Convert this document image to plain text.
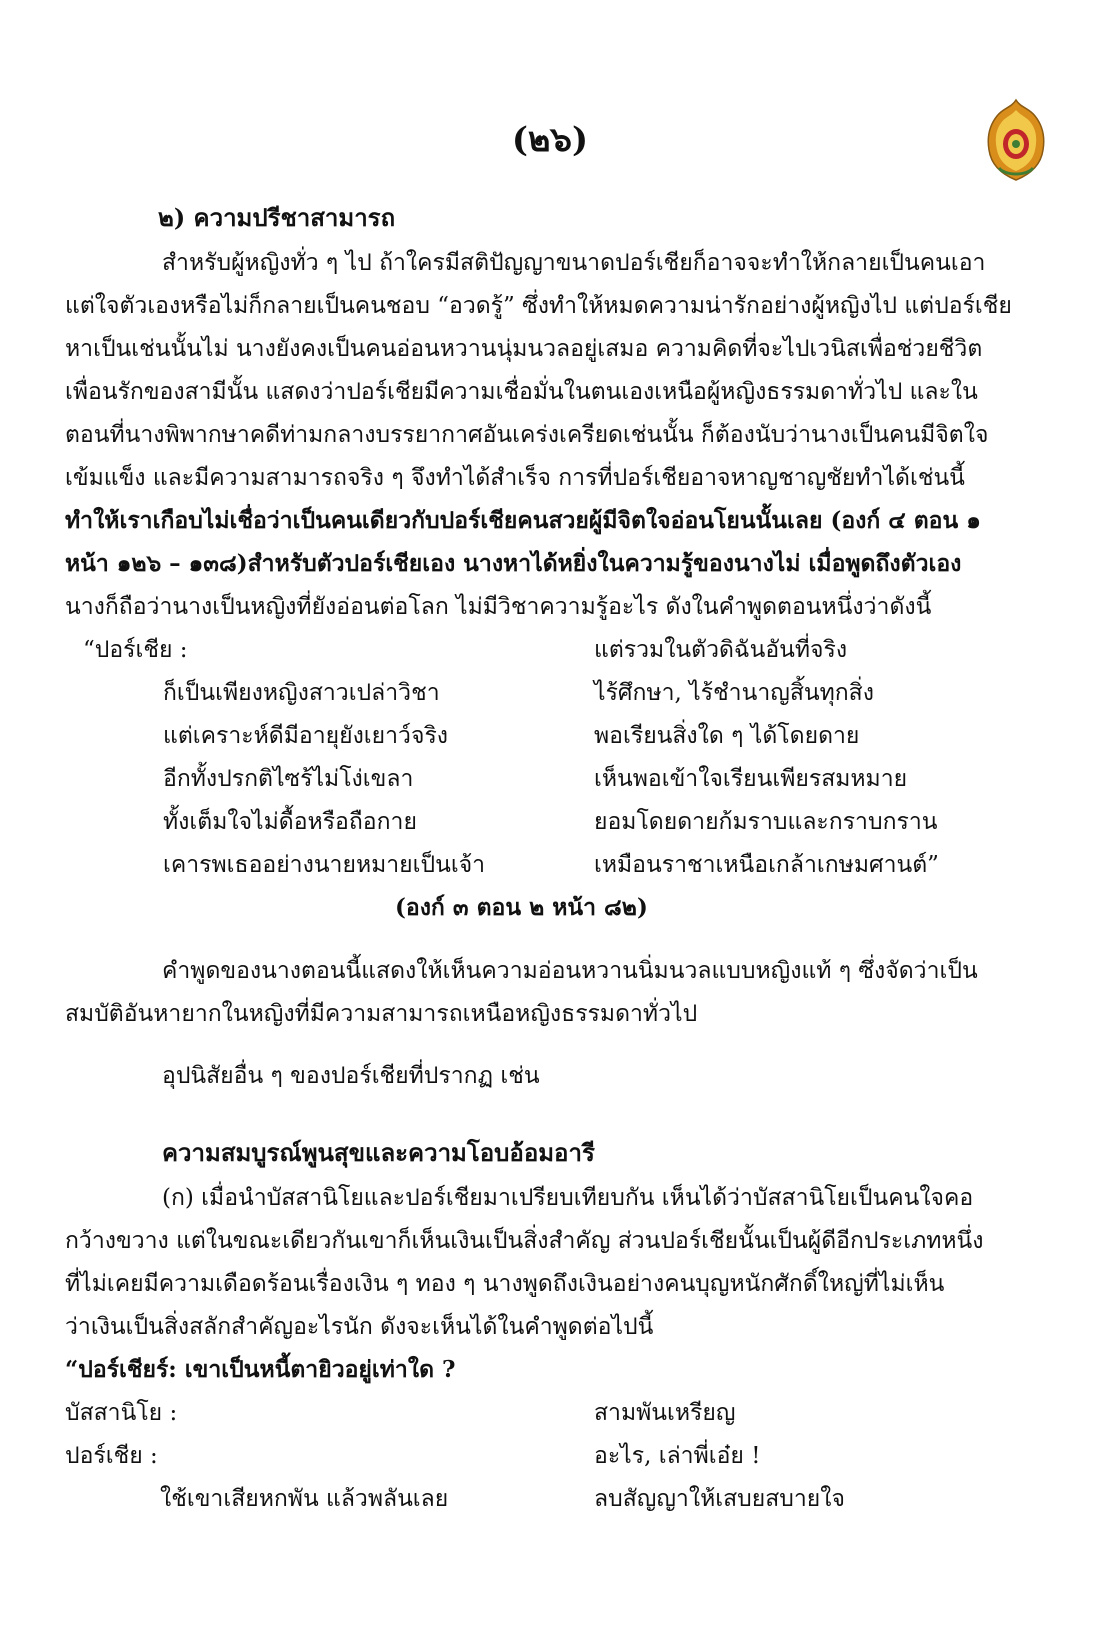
(๒๖)
๒) ความปรีชาสามารถ
สำหรับผู้หญิงทั่ว ๆ ไป ถ้าใครมีสติปัญญาขนาดปอร์เชียก็อาจจะทำให้กลายเป็นคนเอา
แต่ใจตัวเองหรือไม่ก็กลายเป็นคนชอบ “อวดรู้” ซึ่งทำให้หมดความน่ารักอย่างผู้หญิงไป แต่ปอร์เชีย
หาเป็นเช่นนั้นไม่ นางยังคงเป็นคนอ่อนหวานนุ่มนวลอยู่เสมอ ความคิดที่จะไปเวนิสเพื่อช่วยชีวิต
เพื่อนรักของสามีนั้น แสดงว่าปอร์เชียมีความเชื่อมั่นในตนเองเหนือผู้หญิงธรรมดาทั่วไป และใน
ตอนที่นางพิพากษาคดีท่ามกลางบรรยากาศอันเคร่งเครียดเช่นนั้น ก็ต้องนับว่านางเป็นคนมีจิตใจ
เข้มแข็ง และมีความสามารถจริง ๆ จึงทำได้สำเร็จ การที่ปอร์เชียอาจหาญชาญชัยทำได้เช่นนี้
ทำให้เราเกือบไม่เชื่อว่าเป็นคนเดียวกับปอร์เชียคนสวยผู้มีจิตใจอ่อนโยนนั้นเลย (องก์ ๔ ตอน ๑
หน้า ๑๒๖ – ๑๓๘)สำหรับตัวปอร์เชียเอง นางหาได้หยิ่งในความรู้ของนางไม่ เมื่อพูดถึงตัวเอง
นางก็ถือว่านางเป็นหญิงที่ยังอ่อนต่อโลก ไม่มีวิชาความรู้อะไร ดังในคำพูดตอนหนึ่งว่าดังนี้
“ปอร์เชีย :	แต่รวมในตัวดิฉันอันที่จริง
ก็เป็นเพียงหญิงสาวเปล่าวิชา	ไร้ศึกษา, ไร้ชำนาญสิ้นทุกสิ่ง
แต่เคราะห์ดีมีอายุยังเยาว์จริง	พอเรียนสิ่งใด ๆ ได้โดยดาย
อีกทั้งปรกติไซร้ไม่โง่เขลา	เห็นพอเข้าใจเรียนเพียรสมหมาย
ทั้งเต็มใจไม่ดื้อหรือถือกาย	ยอมโดยดายก้มราบและกราบกราน
เคารพเธออย่างนายหมายเป็นเจ้า	เหมือนราชาเหนือเกล้าเกษมศานต์”
(องก์ ๓ ตอน ๒ หน้า ๘๒)
คำพูดของนางตอนนี้แสดงให้เห็นความอ่อนหวานนิ่มนวลแบบหญิงแท้ ๆ ซึ่งจัดว่าเป็น
สมบัติอันหายากในหญิงที่มีความสามารถเหนือหญิงธรรมดาทั่วไป
อุปนิสัยอื่น ๆ ของปอร์เชียที่ปรากฏ เช่น
ความสมบูรณ์พูนสุขและความโอบอ้อมอารี
(ก) เมื่อนำบัสสานิโยและปอร์เชียมาเปรียบเทียบกัน เห็นได้ว่าบัสสานิโยเป็นคนใจคอ
กว้างขวาง แต่ในขณะเดียวกันเขาก็เห็นเงินเป็นสิ่งสำคัญ ส่วนปอร์เชียนั้นเป็นผู้ดีอีกประเภทหนึ่ง
ที่ไม่เคยมีความเดือดร้อนเรื่องเงิน ๆ ทอง ๆ นางพูดถึงเงินอย่างคนบุญหนักศักดิ์ใหญ่ที่ไม่เห็น
ว่าเงินเป็นสิ่งสลักสำคัญอะไรนัก ดังจะเห็นได้ในคำพูดต่อไปนี้
“ปอร์เชียร์: เขาเป็นหนี้ตายิวอยู่เท่าใด ?
บัสสานิโย :	สามพันเหรียญ
ปอร์เชีย :	อะไร, เล่าพี่เอ๋ย !
ใช้เขาเสียหกพัน แล้วพลันเลย	ลบสัญญาให้เสบยสบายใจ
